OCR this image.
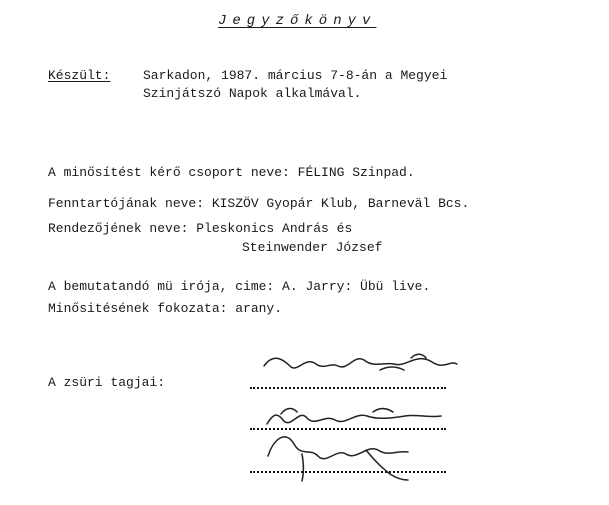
Jegyzőkönyv
Készült:	Sarkadon, 1987. március 7-8-án a Megyei
Szinjátszó Napok alkalmával.
A minősítést kérő csoport neve: FÉLING Szinpad.
Fenntartójának neve: KISZÖV Gyopár Klub, Barneväl Bcs.
Rendezőjének neve: Pleskonics András és
Steinwender József
A bemutatandó mü irója, cime: A. Jarry: Übü live.
Minősitésének fokozata: arany.
A zsüri tagjai:
